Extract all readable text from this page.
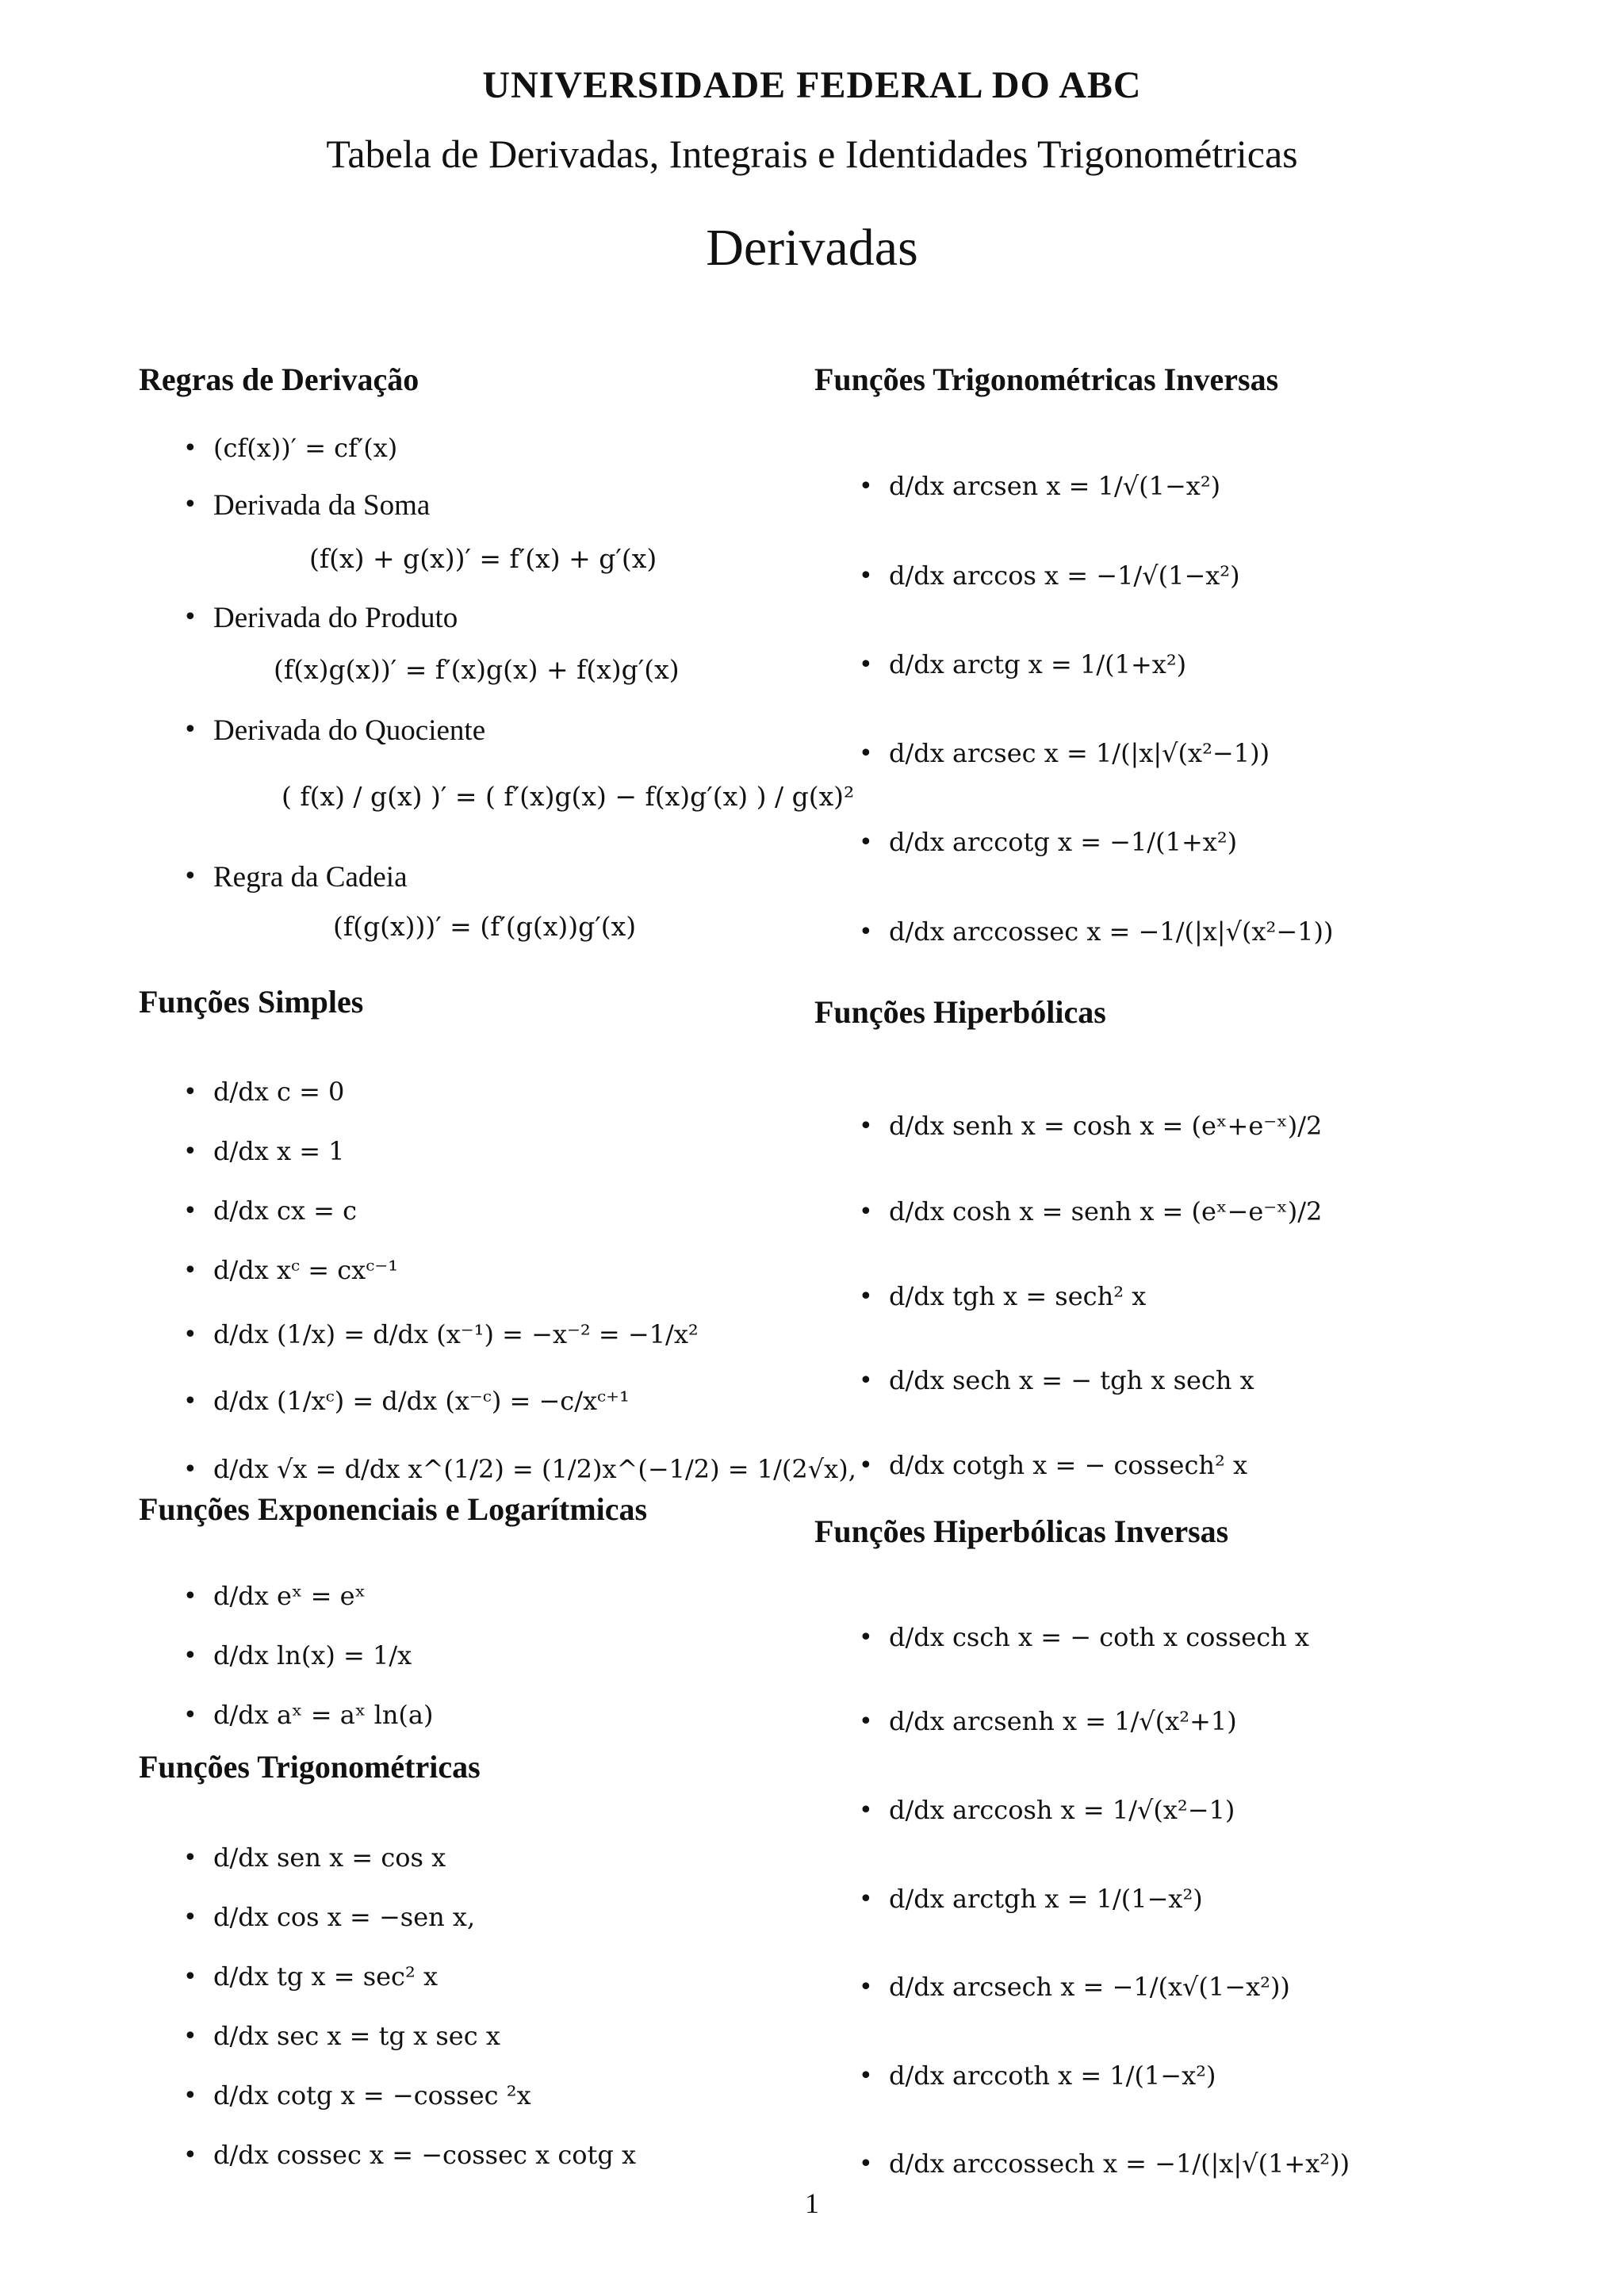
UNIVERSIDADE FEDERAL DO ABC
Tabela de Derivadas, Integrais e Identidades Trigonométricas
Derivadas
Regras de Derivação
• (cf(x))′ = cf′(x)
• Derivada da Soma
(f(x) + g(x))′ = f′(x) + g′(x)
• Derivada do Produto
(f(x)g(x))′ = f′(x)g(x) + f(x)g′(x)
• Derivada do Quociente
( f(x) / g(x) )′ = ( f′(x)g(x) − f(x)g′(x) ) / g(x)²
• Regra da Cadeia
(f(g(x)))′ = (f′(g(x))g′(x)
Funções Simples
• d/dx c = 0
• d/dx x = 1
• d/dx cx = c
• d/dx xᶜ = cxᶜ⁻¹
• d/dx (1/x) = d/dx (x⁻¹) = −x⁻² = −1/x²
• d/dx (1/xᶜ) = d/dx (x⁻ᶜ) = −c/xᶜ⁺¹
• d/dx √x = d/dx x^(1/2) = (1/2)x^(−1/2) = 1/(2√x),
Funções Exponenciais e Logarítmicas
• d/dx eˣ = eˣ
• d/dx ln(x) = 1/x
• d/dx aˣ = aˣ ln(a)
Funções Trigonométricas
• d/dx sen x = cos x
• d/dx cos x = −sen x,
• d/dx tg x = sec² x
• d/dx sec x = tg x sec x
• d/dx cotg x = −cossec ²x
• d/dx cossec x = −cossec x cotg x
Funções Trigonométricas Inversas
• d/dx arcsen x = 1/√(1−x²)
• d/dx arccos x = −1/√(1−x²)
• d/dx arctg x = 1/(1+x²)
• d/dx arcsec x = 1/(|x|√(x²−1))
• d/dx arccotg x = −1/(1+x²)
• d/dx arccossec x = −1/(|x|√(x²−1))
Funções Hiperbólicas
• d/dx senh x = cosh x = (eˣ+e⁻ˣ)/2
• d/dx cosh x = senh x = (eˣ−e⁻ˣ)/2
• d/dx tgh x = sech² x
• d/dx sech x = − tgh x sech x
• d/dx cotgh x = − cossech² x
Funções Hiperbólicas Inversas
• d/dx csch x = − coth x cossech x
• d/dx arcsenh x = 1/√(x²+1)
• d/dx arccosh x = 1/√(x²−1)
• d/dx arctgh x = 1/(1−x²)
• d/dx arcsech x = −1/(x√(1−x²))
• d/dx arccoth x = 1/(1−x²)
• d/dx arccossech x = −1/(|x|√(1+x²))
1
